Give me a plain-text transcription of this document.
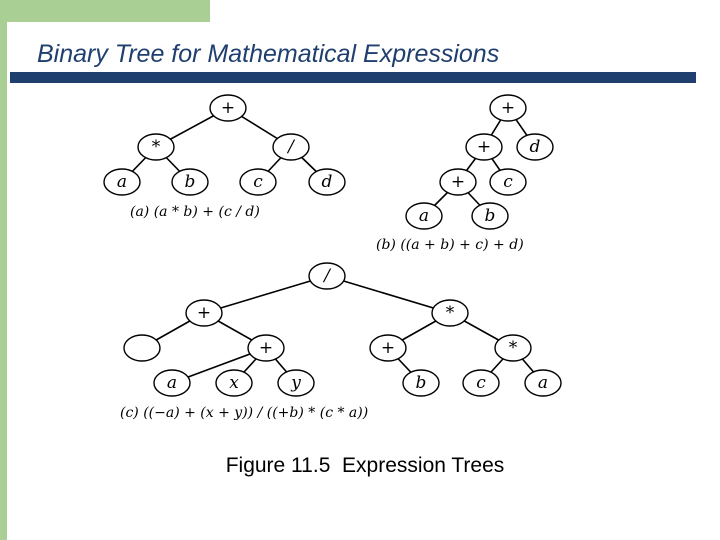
Binary Tree for Mathematical Expressions
+
*	/
a	b	c	d
(a) (a * b) + (c / d)
+
+ d
+ c
a	b
(b) ((a + b) + c) + d)
/
+	*
+	+	*
a	x	y	b	c	a
(c) ((−a) + (x + y)) / ((+b) * (c * a))
Figure 11.5  Expression Trees
